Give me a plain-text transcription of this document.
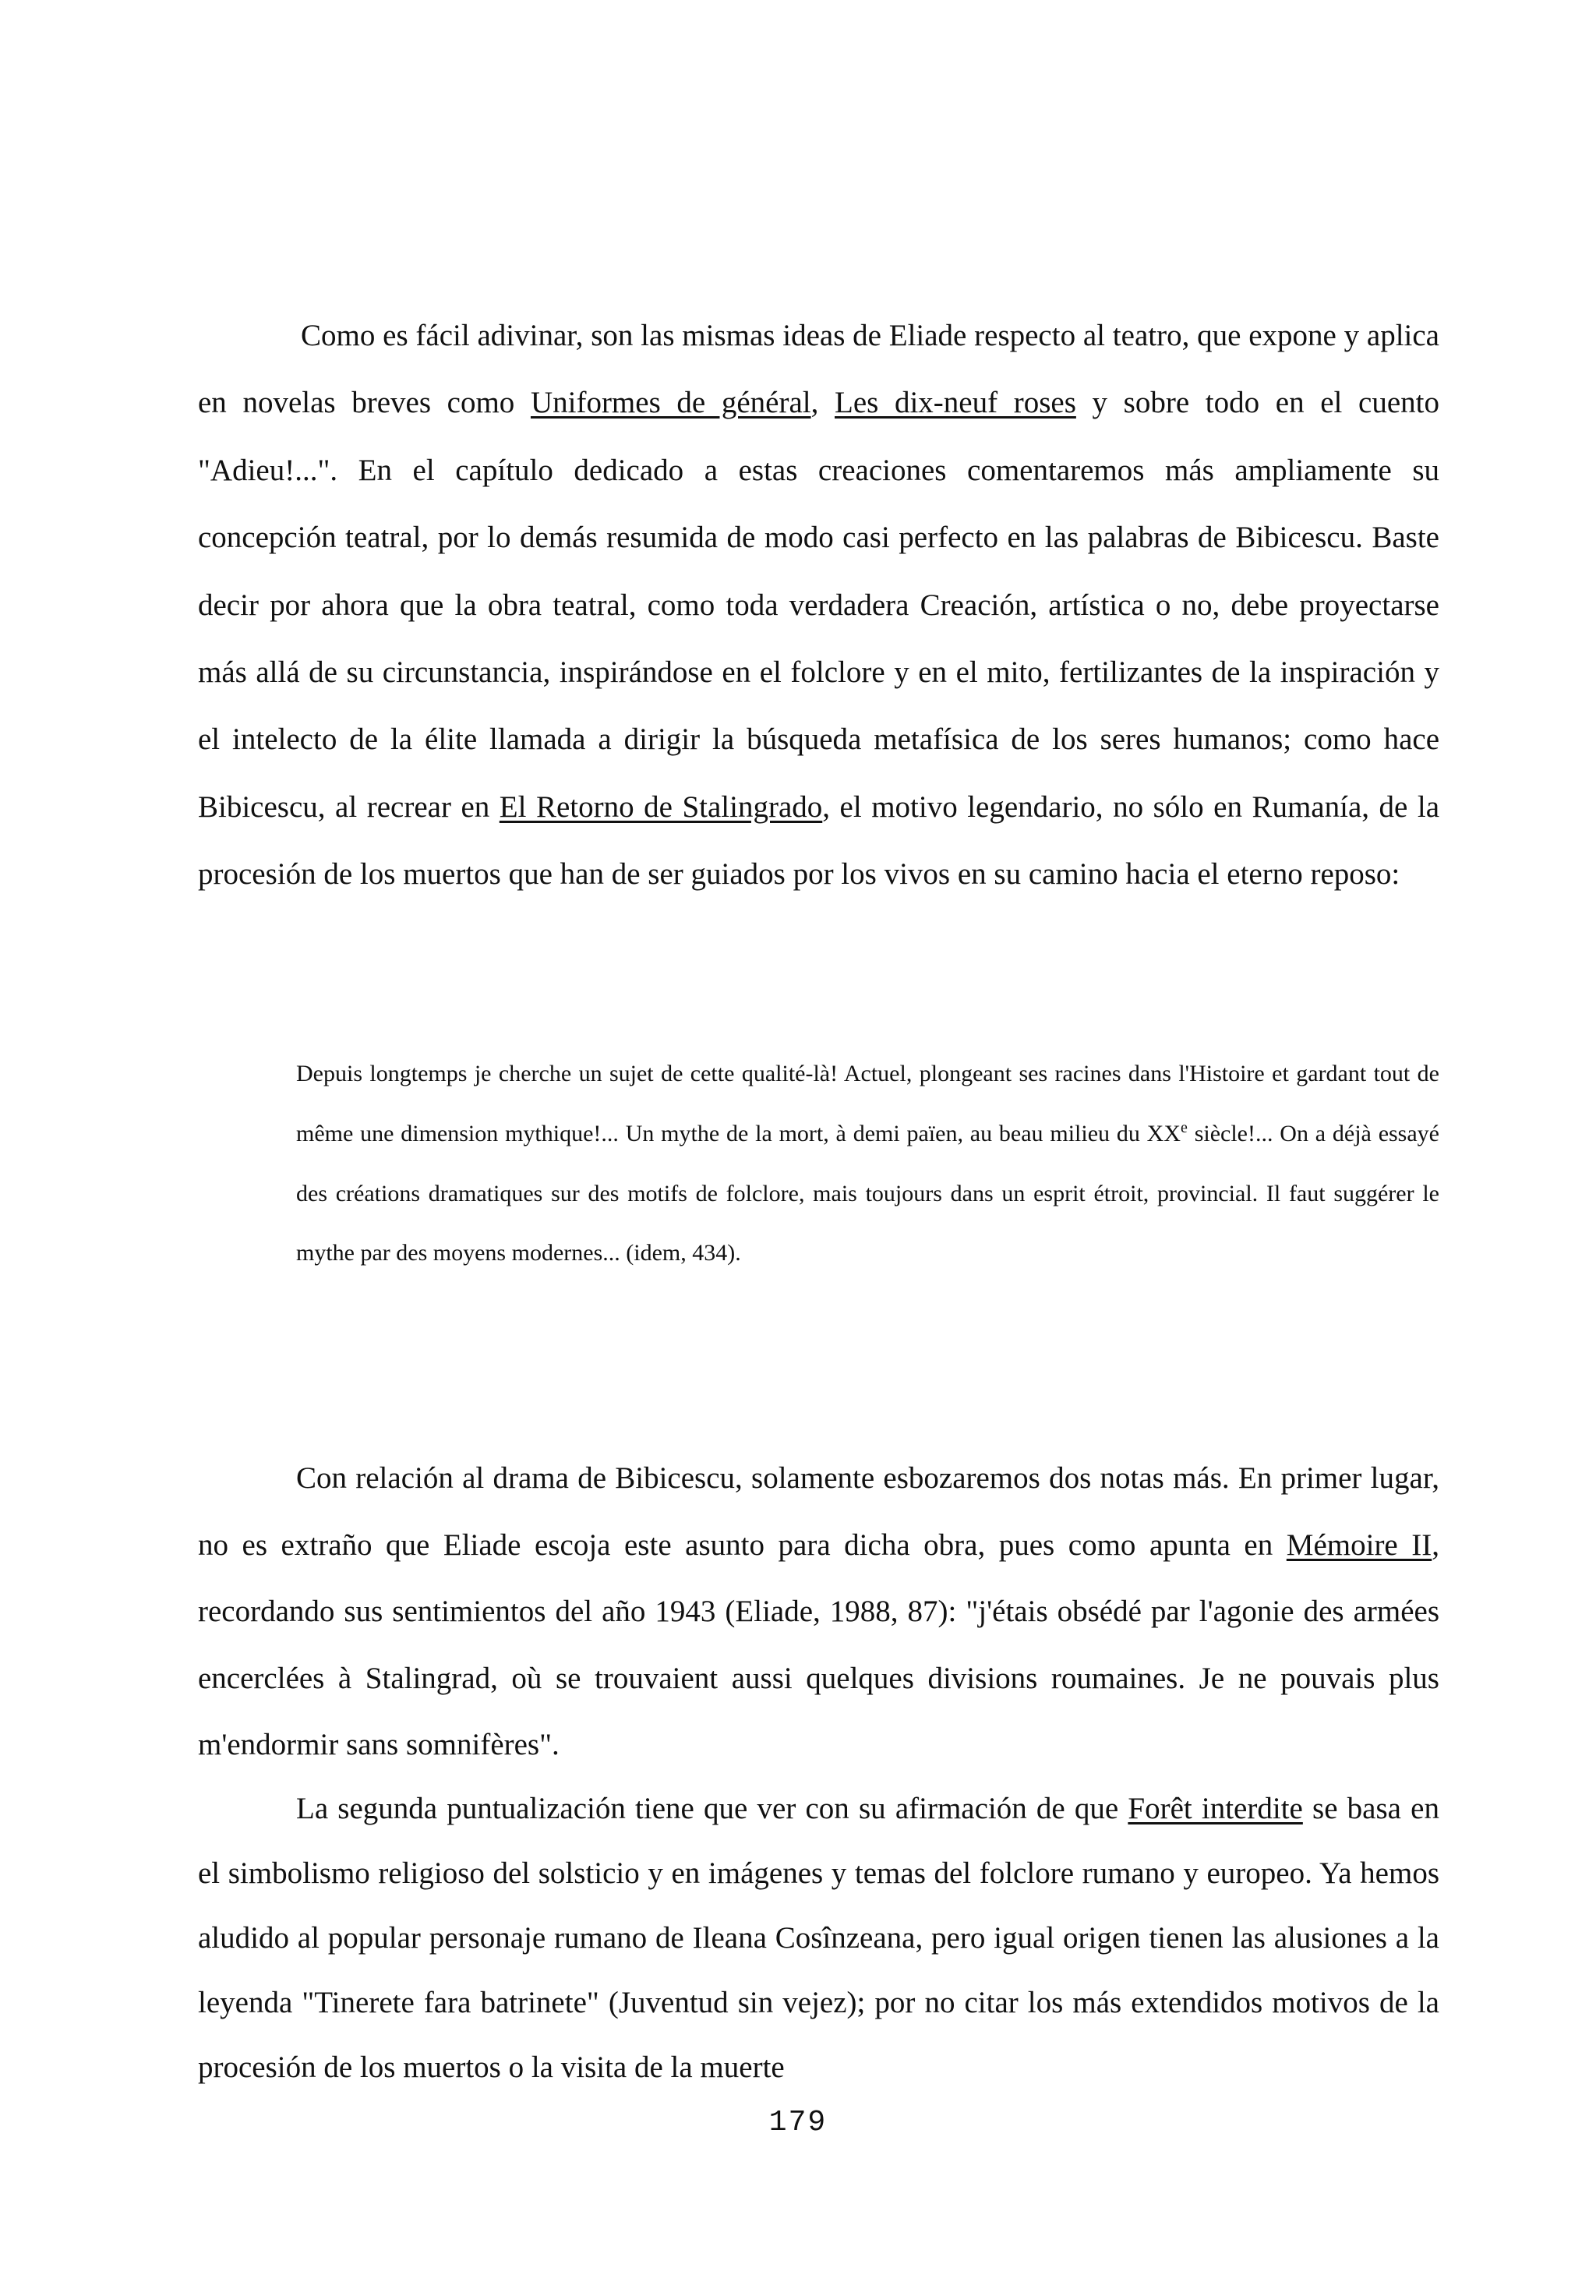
Como es fácil adivinar, son las mismas ideas de Eliade respecto al teatro, que expone y aplica en novelas breves como Uniformes de général, Les dix-neuf roses y sobre todo en el cuento "Adieu!...". En el capítulo dedicado a estas creaciones comentaremos más ampliamente su concepción teatral, por lo demás resumida de modo casi perfecto en las palabras de Bibicescu. Baste decir por ahora que la obra teatral, como toda verdadera Creación, artística o no, debe proyectarse más allá de su circunstancia, inspirándose en el folclore y en el mito, fertilizantes de la inspiración y el intelecto de la élite llamada a dirigir la búsqueda metafísica de los seres humanos; como hace Bibicescu, al recrear en El Retorno de Stalingrado, el motivo legendario, no sólo en Rumanía, de la procesión de los muertos que han de ser guiados por los vivos en su camino hacia el eterno reposo:

Depuis longtemps je cherche un sujet de cette qualité-là! Actuel, plongeant ses racines dans l'Histoire et gardant tout de même une dimension mythique!... Un mythe de la mort, à demi païen, au beau milieu du XXe siècle!... On a déjà essayé des créations dramatiques sur des motifs de folclore, mais toujours dans un esprit étroit, provincial. Il faut suggérer le mythe par des moyens modernes... (idem, 434).

Con relación al drama de Bibicescu, solamente esbozaremos dos notas más. En primer lugar, no es extraño que Eliade escoja este asunto para dicha obra, pues como apunta en Mémoire II, recordando sus sentimientos del año 1943 (Eliade, 1988, 87): "j'étais obsédé par l'agonie des armées encerclées à Stalingrad, où se trouvaient aussi quelques divisions roumaines. Je ne pouvais plus m'endormir sans somnifères".

La segunda puntualización tiene que ver con su afirmación de que Forêt interdite se basa en el simbolismo religioso del solsticio y en imágenes y temas del folclore rumano y europeo. Ya hemos aludido al popular personaje rumano de Ileana Cosînzeana, pero igual origen tienen las alusiones a la leyenda "Tinerete fara batrinete" (Juventud sin vejez); por no citar los más extendidos motivos de la procesión de los muertos o la visita de la muerte

179
